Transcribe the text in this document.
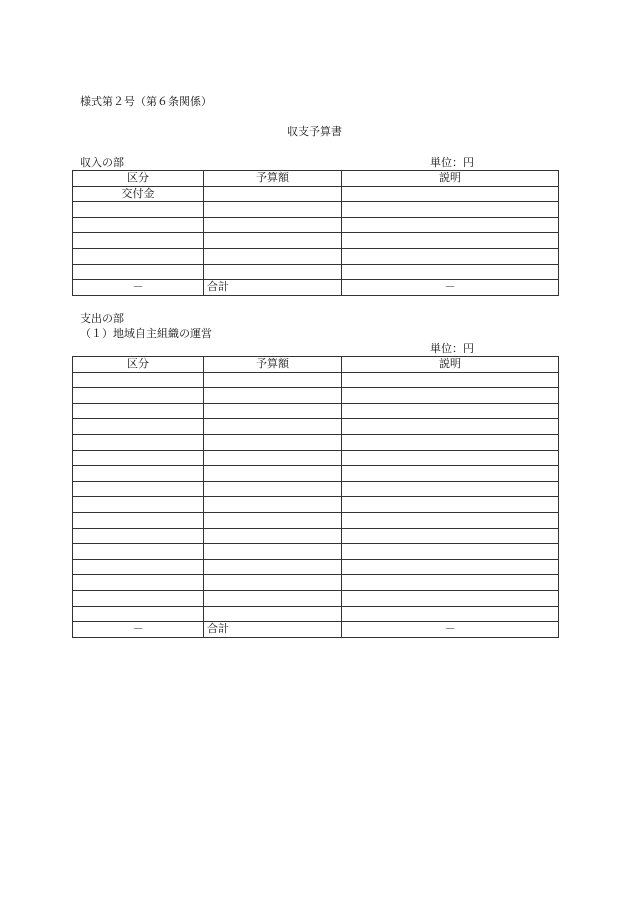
様式第２号（第６条関係）
収支予算書
収入の部	単位：円
区分	予算額	説明
交付金		

－	合計	－
支出の部
（１）地域自主組織の運営
単位：円
区分	予算額	説明

－	合計	－
